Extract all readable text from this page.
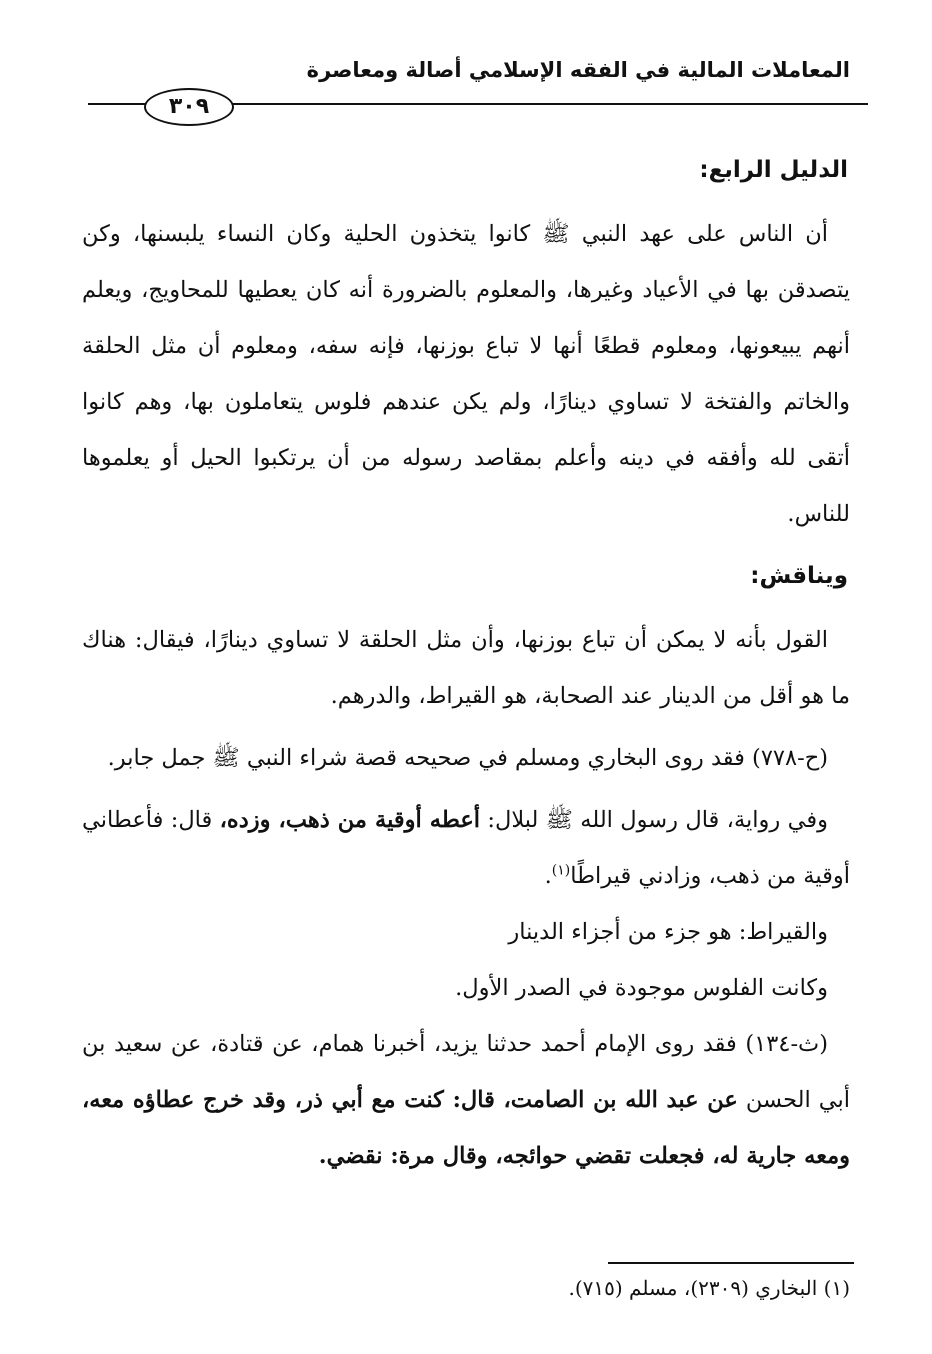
المعاملات المالية في الفقه الإسلامي أصالة ومعاصرة
٣٠٩

الدليل الرابع:

أن الناس على عهد النبي ﷺ كانوا يتخذون الحلية وكان النساء يلبسنها، وكن يتصدقن بها في الأعياد وغيرها، والمعلوم بالضرورة أنه كان يعطيها للمحاويج، ويعلم أنهم يبيعونها، ومعلوم قطعًا أنها لا تباع بوزنها، فإنه سفه، ومعلوم أن مثل الحلقة والخاتم والفتخة لا تساوي دينارًا، ولم يكن عندهم فلوس يتعاملون بها، وهم كانوا أتقى لله وأفقه في دينه وأعلم بمقاصد رسوله من أن يرتكبوا الحيل أو يعلموها للناس.

ويناقش:

القول بأنه لا يمكن أن تباع بوزنها، وأن مثل الحلقة لا تساوي دينارًا، فيقال: هناك ما هو أقل من الدينار عند الصحابة، هو القيراط، والدرهم.

(ح-٧٧٨) فقد روى البخاري ومسلم في صحيحه قصة شراء النبي ﷺ جمل جابر.

وفي رواية، قال رسول الله ﷺ لبلال: أعطه أوقية من ذهب، وزده، قال: فأعطاني أوقية من ذهب، وزادني قيراطًا$^{(١)}$.

والقيراط: هو جزء من أجزاء الدينار

وكانت الفلوس موجودة في الصدر الأول.

(ث-١٣٤) فقد روى الإمام أحمد حدثنا يزيد، أخبرنا همام، عن قتادة، عن سعيد بن أبي الحسن عن عبد الله بن الصامت، قال: كنت مع أبي ذر، وقد خرج عطاؤه معه، ومعه جارية له، فجعلت تقضي حوائجه، وقال مرة: نقضي.

(١) البخاري (٢٣٠٩)، مسلم (٧١٥).
